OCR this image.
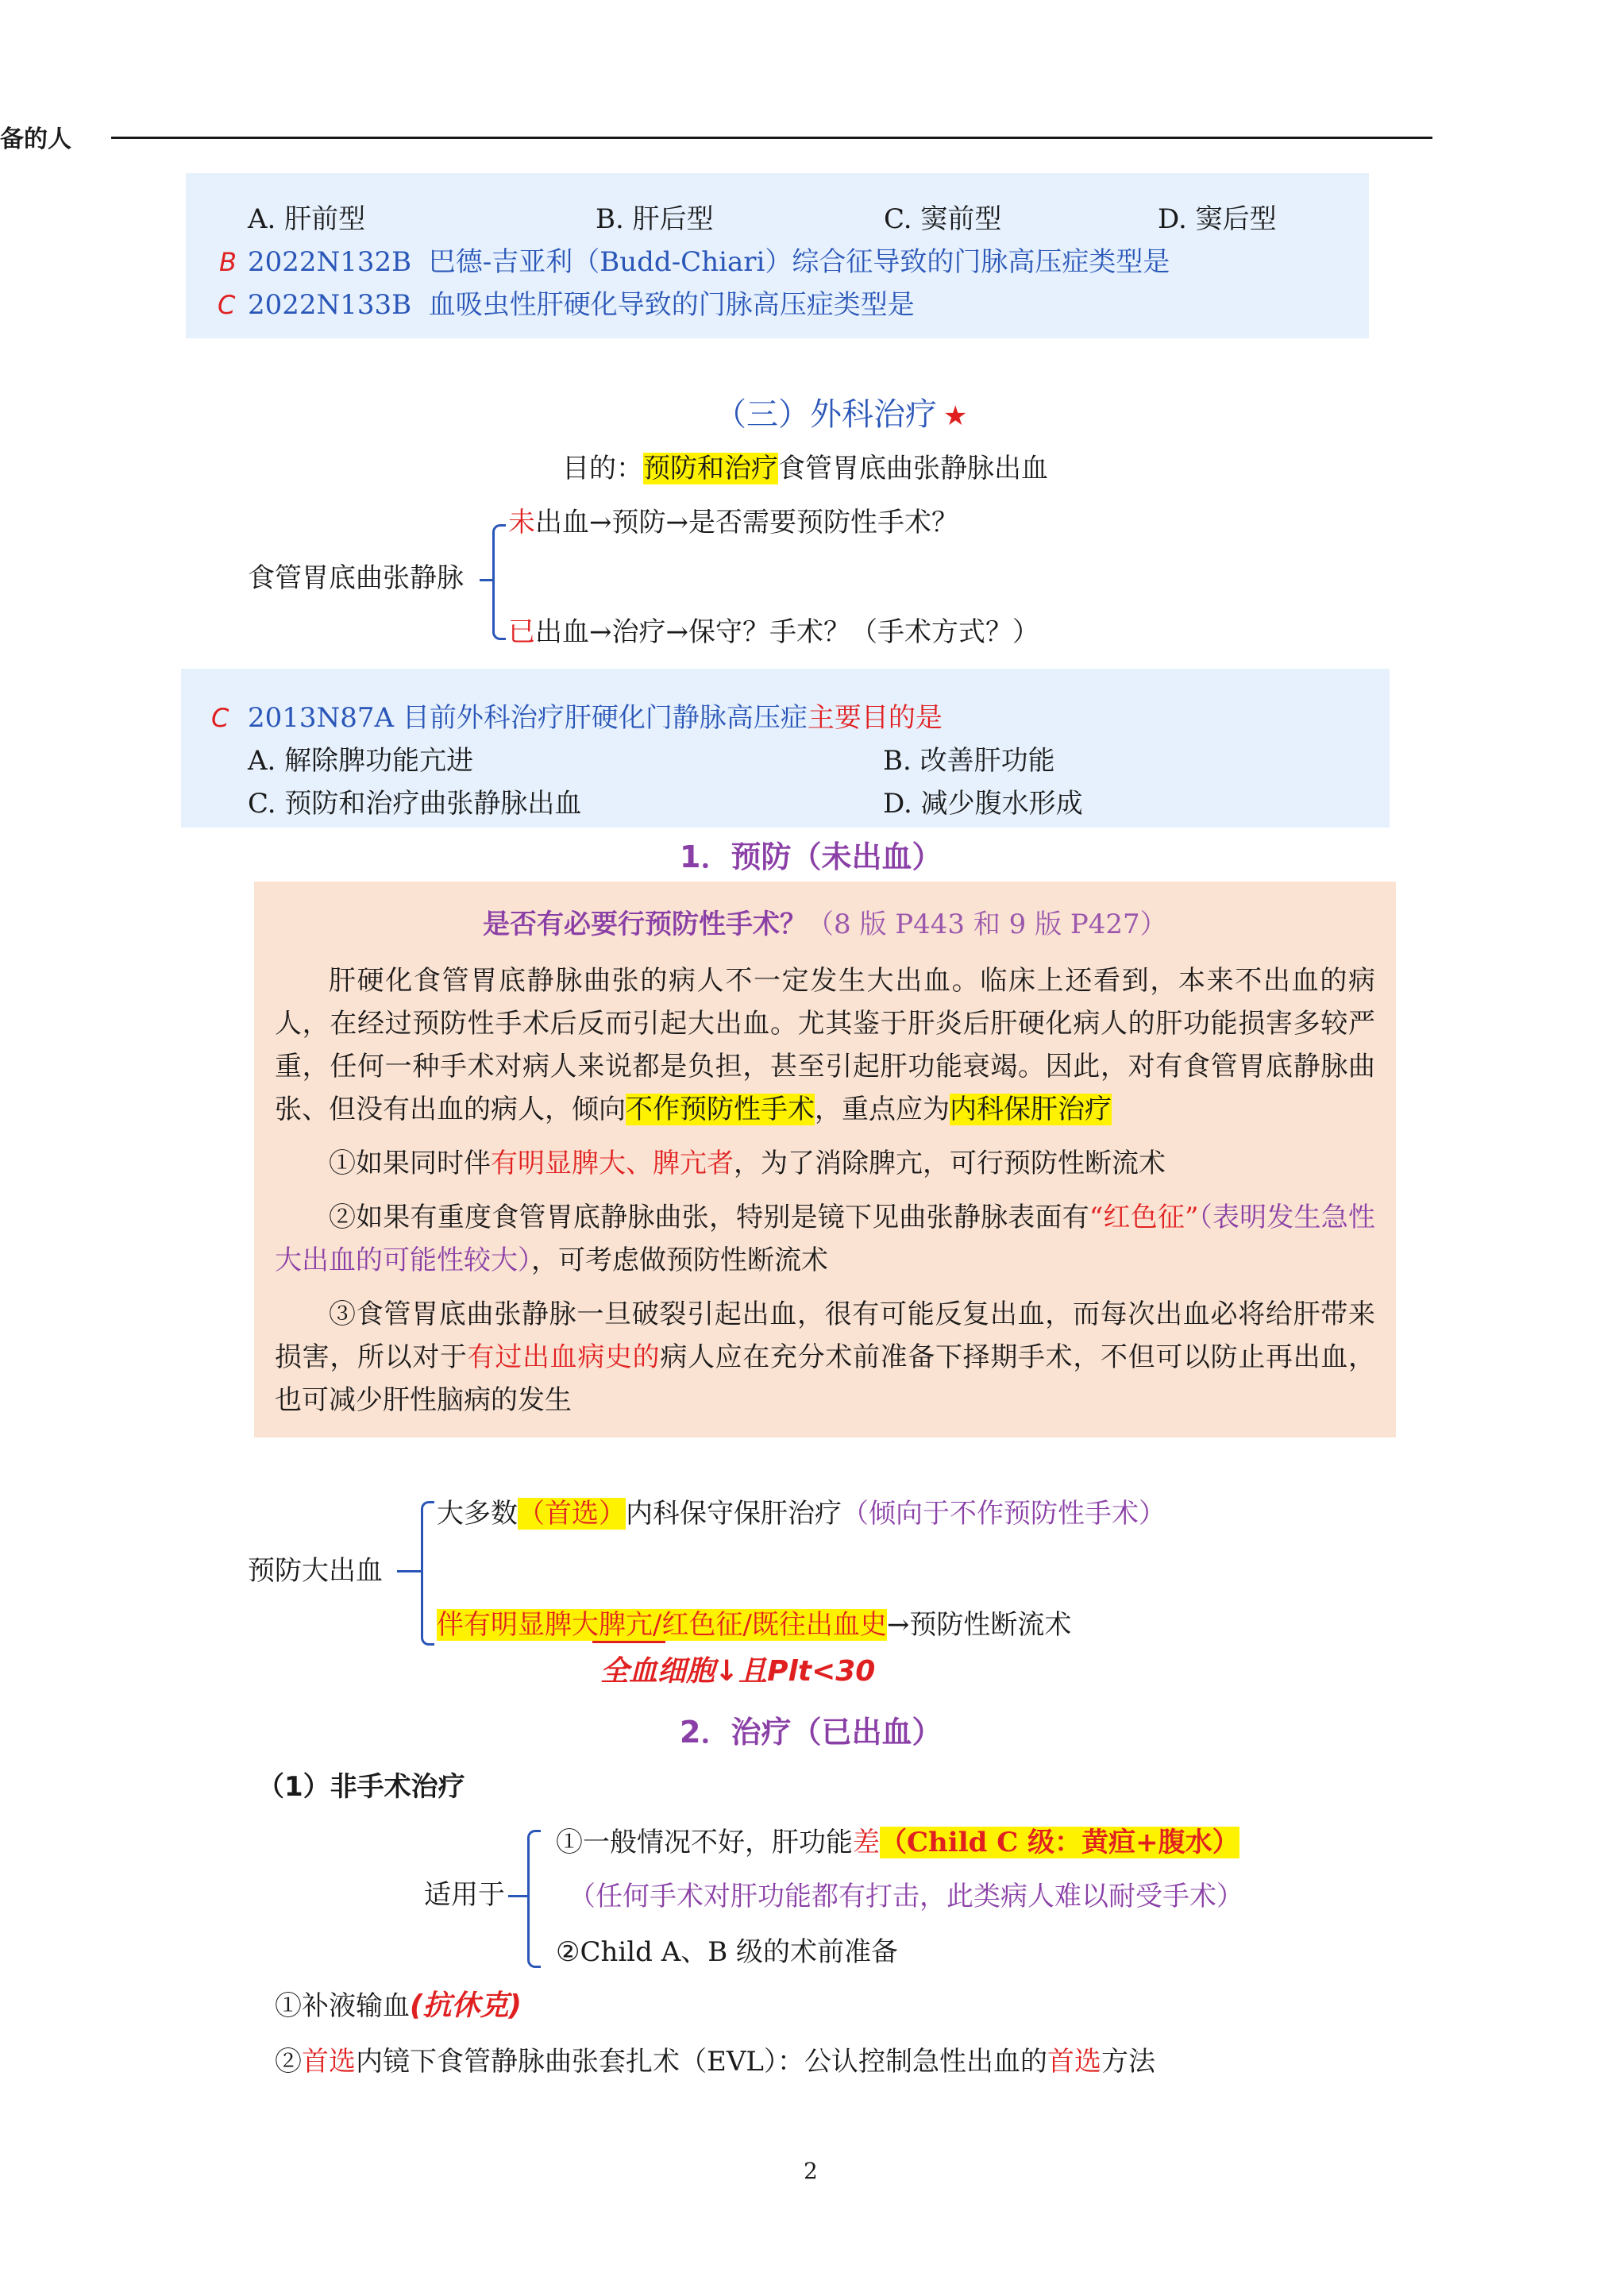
备的人
A. 肝前型	B. 肝后型	C. 窦前型	D. 窦后型
B 2022N132B 巴德-吉亚利（Budd-Chiari）综合征导致的门脉高压症类型是
C 2022N133B 血吸虫性肝硬化导致的门脉高压症类型是
（三）外科治疗 ★
目的：预防和治疗食管胃底曲张静脉出血
食管胃底曲张静脉
未出血→预防→是否需要预防性手术？
已出血→治疗→保守？手术？（手术方式？）
C 2013N87A 目前外科治疗肝硬化门静脉高压症主要目的是
A. 解除脾功能亢进	B. 改善肝功能
C. 预防和治疗曲张静脉出血	D. 减少腹水形成
1．预防（未出血）
是否有必要行预防性手术？（8 版 P443 和 9 版 P427）
肝硬化食管胃底静脉曲张的病人不一定发生大出血。临床上还看到，本来不出血的病人，在经过预防性手术后反而引起大出血。尤其鉴于肝炎后肝硬化病人的肝功能损害多较严重，任何一种手术对病人来说都是负担，甚至引起肝功能衰竭。因此，对有食管胃底静脉曲张、但没有出血的病人，倾向不作预防性手术，重点应为内科保肝治疗
①如果同时伴有明显脾大、脾亢者，为了消除脾亢，可行预防性断流术
②如果有重度食管胃底静脉曲张，特别是镜下见曲张静脉表面有“红色征”（表明发生急性大出血的可能性较大），可考虑做预防性断流术
③食管胃底曲张静脉一旦破裂引起出血，很有可能反复出血，而每次出血必将给肝带来损害，所以对于有过出血病史的病人应在充分术前准备下择期手术，不但可以防止再出血，也可减少肝性脑病的发生
预防大出血
大多数（首选）内科保守保肝治疗（倾向于不作预防性手术）
伴有明显脾大脾亢/红色征/既往出血史→预防性断流术
全血细胞↓且Plt<30
2．治疗（已出血）
（1）非手术治疗
适用于
①一般情况不好，肝功能差（Child C 级：黄疸+腹水）
（任何手术对肝功能都有打击，此类病人难以耐受手术）
②Child A、B 级的术前准备
①补液输血(抗休克)
②首选内镜下食管静脉曲张套扎术（EVL）：公认控制急性出血的首选方法
2
